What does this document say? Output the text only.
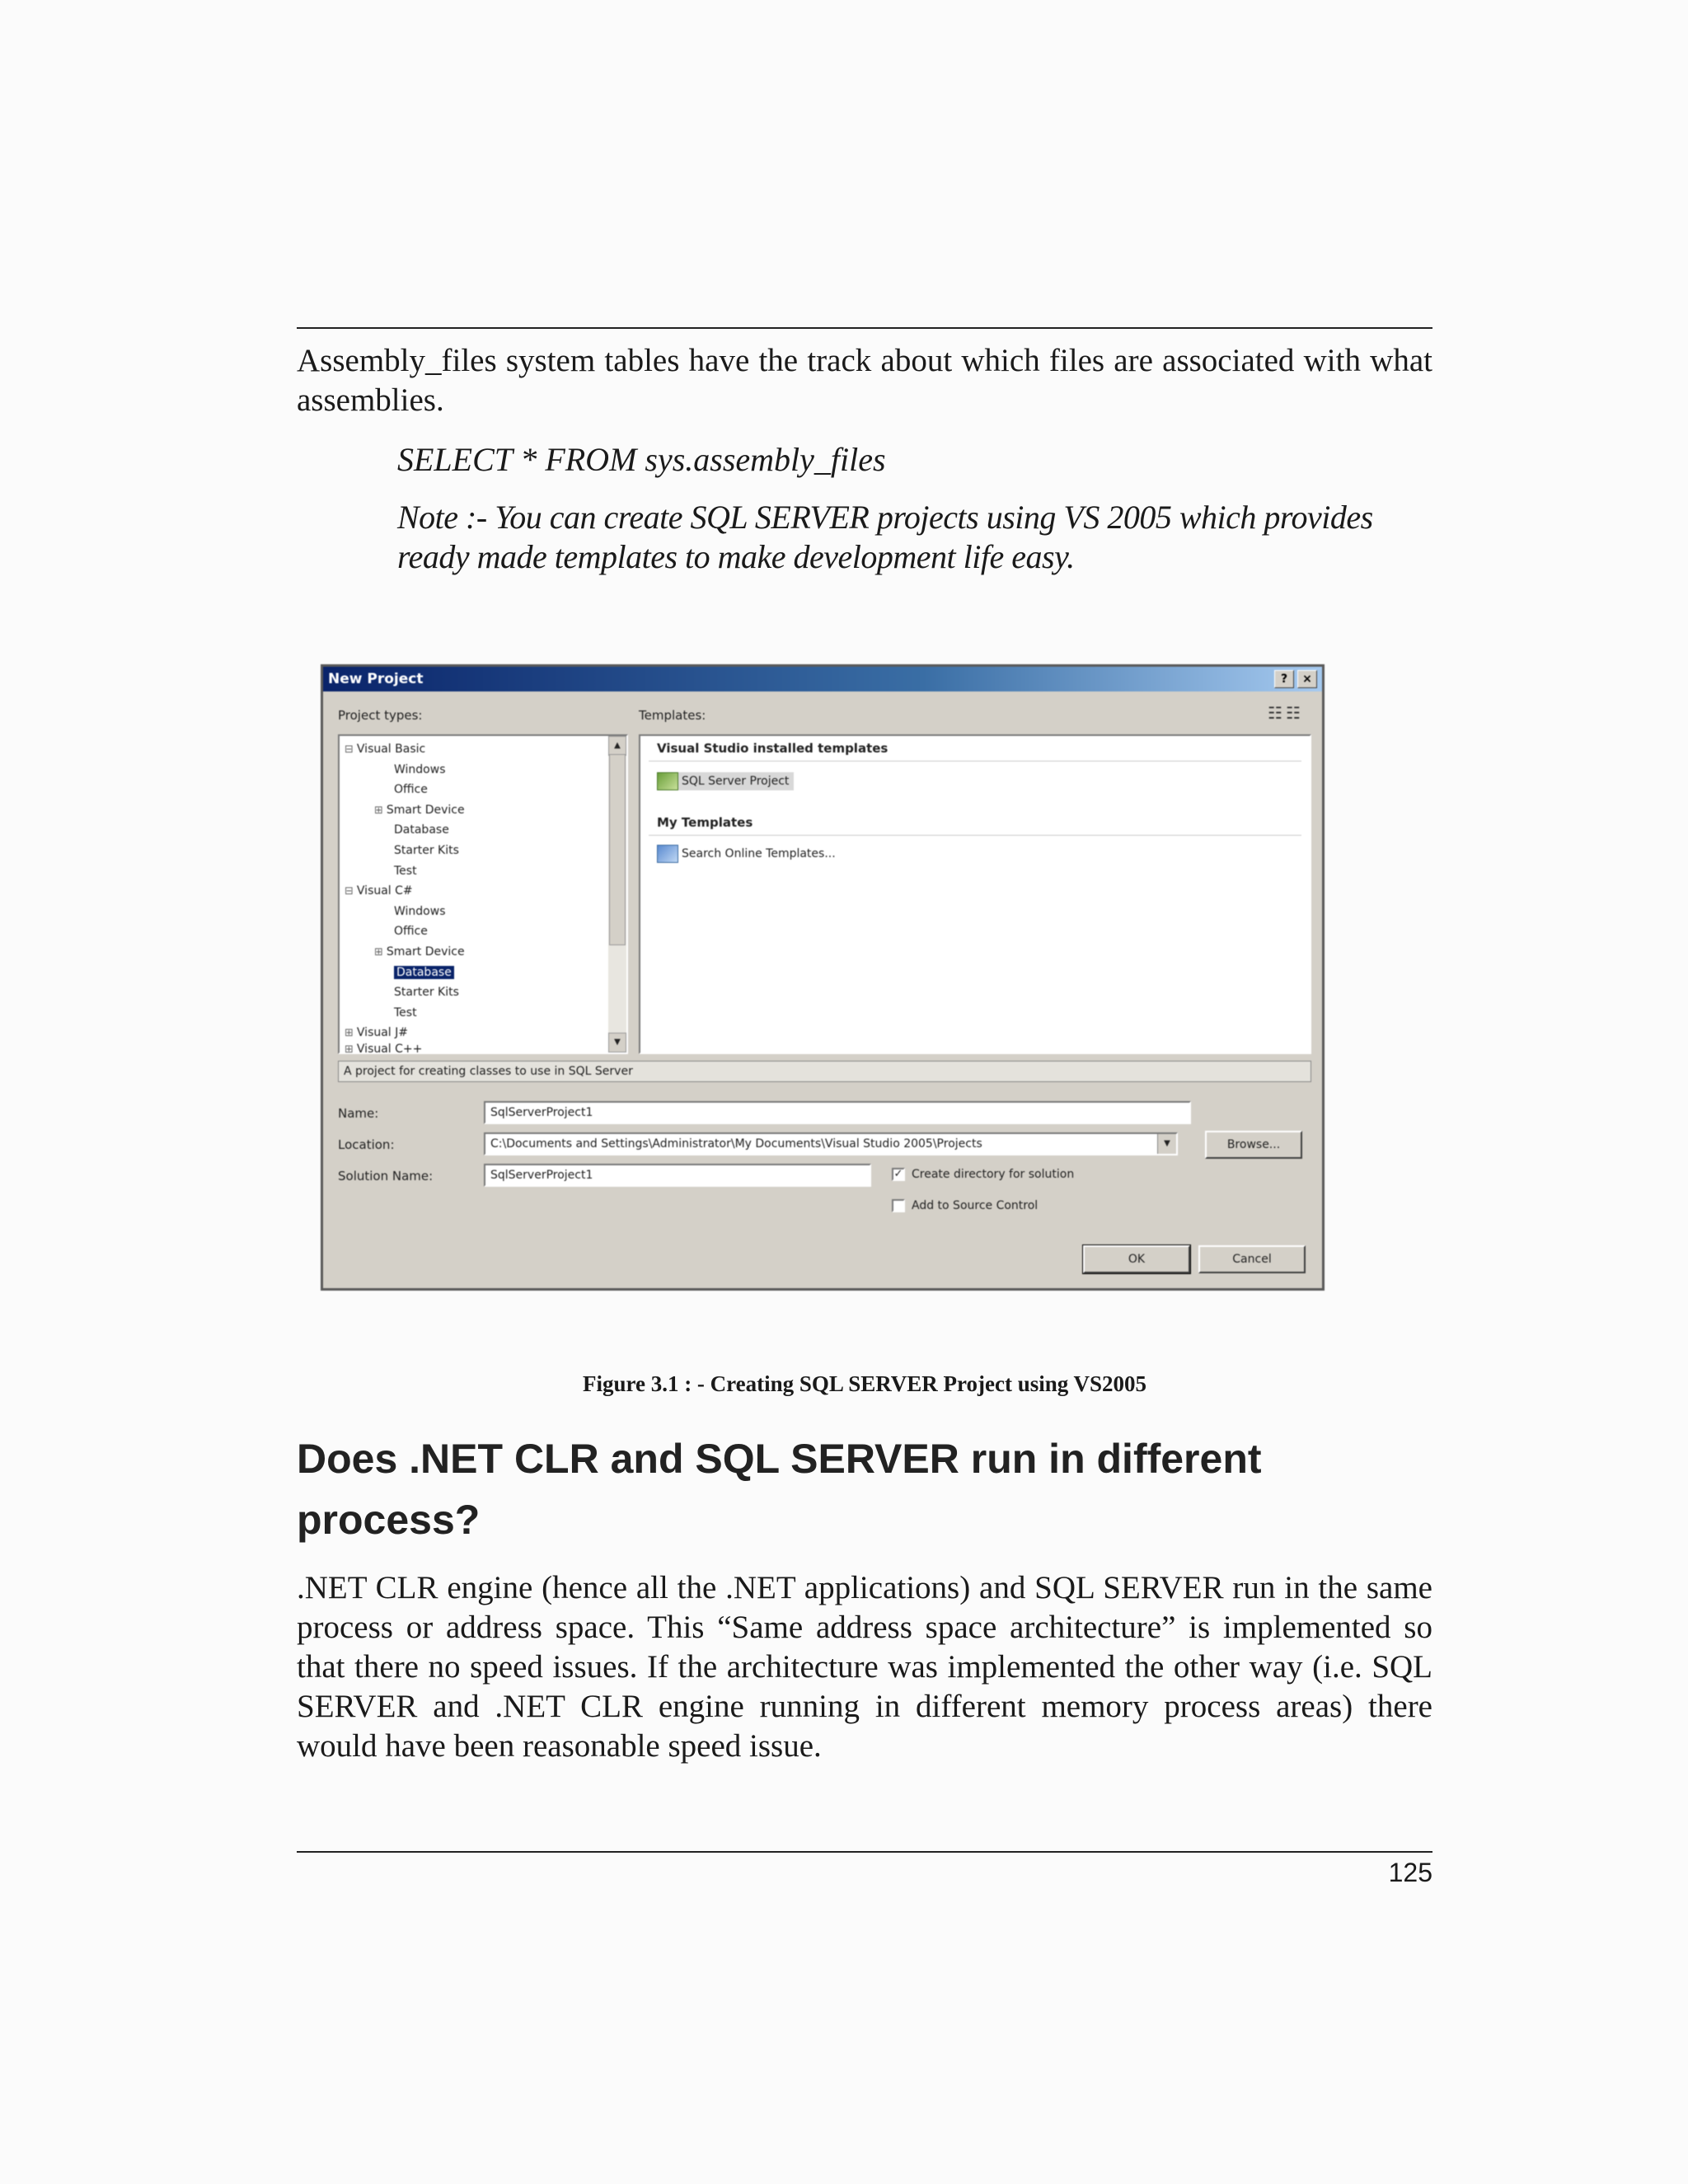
Assembly_files system tables have the track about which files are associated with what assemblies.

SELECT * FROM sys.assembly_files

Note :- You can create SQL SERVER projects using VS 2005 which provides ready made templates to make development life easy.

New Project	?	×
Project types:	Templates:	☷☷
⊟ Visual Basic
Windows
Office
⊞ Smart Device
Database
Starter Kits
Test
⊟ Visual C#
Windows
Office
⊞ Smart Device
Database
Starter Kits
Test
⊞ Visual J#
⊞ Visual C++
▲
▼
Visual Studio installed templates
SQL Server Project
My Templates
Search Online Templates...
A project for creating classes to use in SQL Server
Name:	SqlServerProject1
Location:	C:\Documents and Settings\Administrator\My Documents\Visual Studio 2005\Projects	▼	Browse...
Solution Name:	SqlServerProject1	✓ Create directory for solution
Add to Source Control
OK	Cancel

Figure 3.1 : - Creating SQL SERVER Project using VS2005

Does .NET CLR and SQL SERVER run in different process?

.NET CLR engine (hence all the .NET applications) and SQL SERVER run in the same process or address space. This “Same address space architecture” is implemented so that there no speed issues. If the architecture was implemented the other way (i.e. SQL SERVER and .NET CLR engine running in different memory process areas) there would have been reasonable speed issue.

125
